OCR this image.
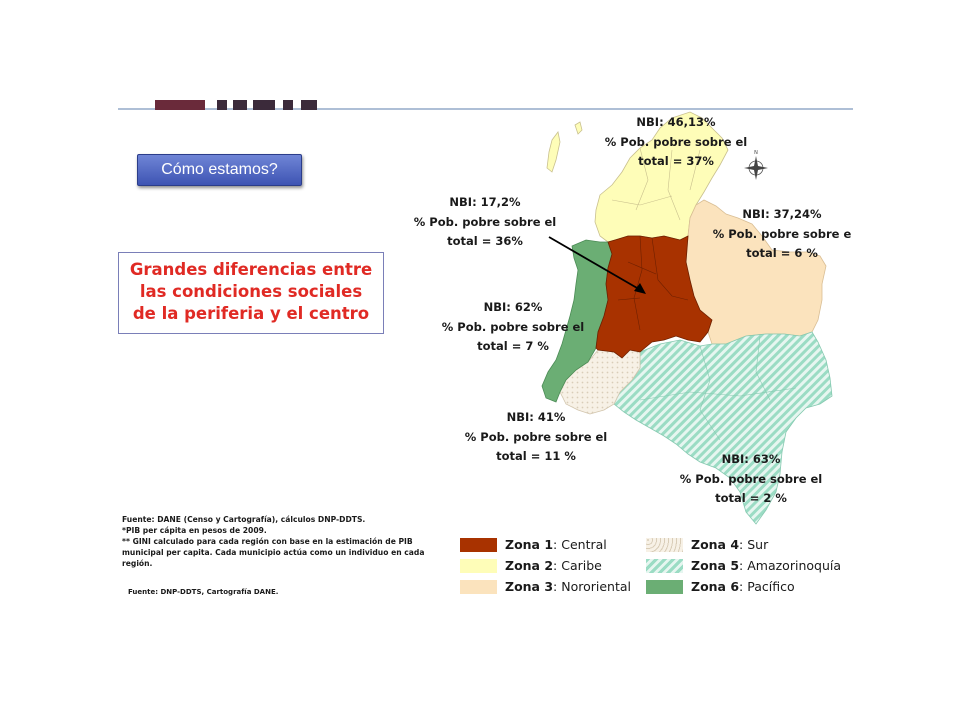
Cómo estamos?
Grandes diferencias entre
las condiciones sociales
de la periferia y el centro
N
NBI: 46,13%
% Pob. pobre sobre el
total = 37%
NBI: 17,2%
% Pob. pobre sobre el
total = 36%
NBI: 37,24%
% Pob. pobre sobre e
total = 6 %
NBI: 62%
% Pob. pobre sobre el
total = 7 %
NBI: 41%
% Pob. pobre sobre el
total = 11 %	NBI: 63%
% Pob. pobre sobre el
total = 2 %
Fuente: DANE (Censo y Cartografía), cálculos DNP-DDTS.
*PIB per cápita en pesos de 2009.
** GINI calculado para cada región con base en la estimación de PIB municipal per capita. Cada municipio actúa como un individuo en cada región.
Fuente: DNP-DDTS, Cartografía DANE.
Zona 1: Central
Zona 2: Caribe
Zona 3: Nororiental
Zona 4: Sur
Zona 5: Amazorinoquía
Zona 6: Pacífico
